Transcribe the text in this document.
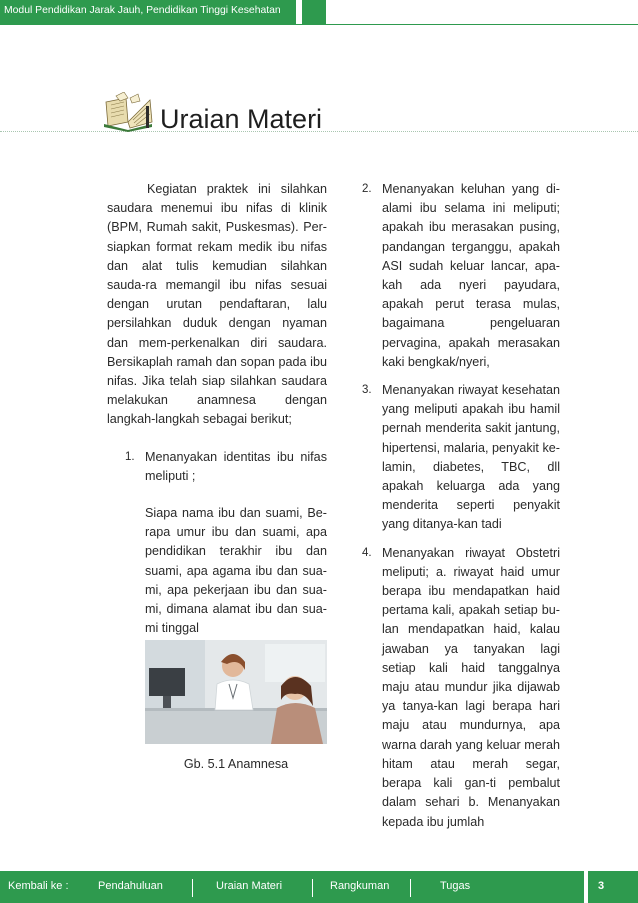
Modul Pendidikan Jarak Jauh, Pendidikan Tinggi Kesehatan
Uraian Materi

Kegiatan praktek ini silahkan saudara menemui ibu nifas di klinik (BPM, Rumah sakit, Puskesmas). Per-siapkan format rekam medik ibu nifas dan alat tulis kemudian silahkan sauda-ra memangil ibu nifas sesuai dengan urutan pendaftaran, lalu persilahkan duduk dengan nyaman dan mem-perkenalkan diri saudara. Bersikaplah ramah dan sopan pada ibu nifas. Jika telah siap silahkan saudara melakukan anamnesa dengan langkah-langkah sebagai berikut;

1. Menanyakan identitas ibu nifas meliputi ;

Siapa nama ibu dan suami, Be-rapa umur ibu dan suami, apa pendidikan terakhir ibu dan suami, apa agama ibu dan sua-mi, apa pekerjaan ibu dan sua-mi, dimana alamat ibu dan sua-mi tinggal

Gb. 5.1 Anamnesa
2. Menanyakan keluhan yang di-alami ibu selama ini meliputi; apakah ibu merasakan pusing, pandangan terganggu, apakah ASI sudah keluar lancar, apa-kah ada nyeri payudara, apakah perut terasa mulas, bagaimana pengeluaran pervagina, apakah merasakan kaki bengkak/nyeri,

3. Menanyakan riwayat kesehatan yang meliputi apakah ibu hamil pernah menderita sakit jantung, hipertensi, malaria, penyakit ke-lamin, diabetes, TBC, dll apakah keluarga ada yang menderita seperti penyakit yang ditanya-kan tadi

4. Menanyakan riwayat Obstetri meliputi; a. riwayat haid umur berapa ibu mendapatkan haid pertama kali, apakah setiap bu-lan mendapatkan haid, kalau jawaban ya tanyakan lagi setiap kali haid tanggalnya maju atau mundur jika dijawab ya tanya-kan lagi berapa hari maju atau mundurnya, apa warna darah yang keluar merah hitam atau merah segar, berapa kali gan-ti pembalut dalam sehari b. Menanyakan kepada ibu jumlah

Kembali ke :	Pendahuluan	Uraian Materi	Rangkuman	Tugas	3
